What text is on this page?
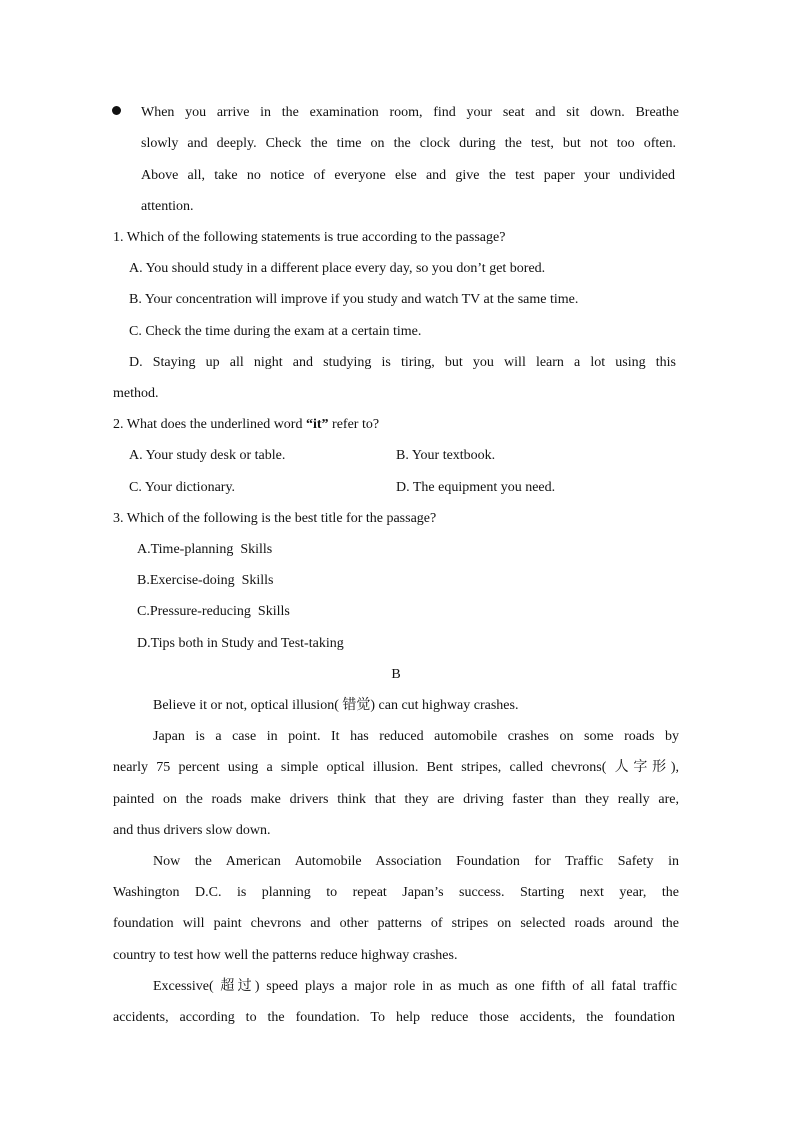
When you arrive in the examination room, find your seat and sit down. Breathe
slowly and deeply. Check the time on the clock during the test, but not too often.
Above all, take no notice of everyone else and give the test paper your undivided
attention.
1. Which of the following statements is true according to the passage?
A. You should study in a different place every day, so you don’t get bored.
B. Your concentration will improve if you study and watch TV at the same time.
C. Check the time during the exam at a certain time.
D. Staying up all night and studying is tiring, but you will learn a lot using this
method.
2. What does the underlined word “it” refer to?
A. Your study desk or table.	B. Your textbook.
C. Your dictionary.	D. The equipment you need.
3. Which of the following is the best title for the passage?
A.Time-planning  Skills
B.Exercise-doing  Skills
C.Pressure-reducing  Skills
D.Tips both in Study and Test-taking
B
Believe it or not, optical illusion( 错觉) can cut highway crashes.
Japan is a case in point. It has reduced automobile crashes on some roads by
nearly 75 percent using a simple optical illusion. Bent stripes, called chevrons( 人字形),
painted on the roads make drivers think that they are driving faster than they really are,
and thus drivers slow down.
Now the American Automobile Association Foundation for Traffic Safety in
Washington D.C. is planning to repeat Japan’s success. Starting next year, the
foundation will paint chevrons and other patterns of stripes on selected roads around the
country to test how well the patterns reduce highway crashes.
Excessive( 超过) speed plays a major role in as much as one fifth of all fatal traffic
accidents, according to the foundation. To help reduce those accidents, the foundation
